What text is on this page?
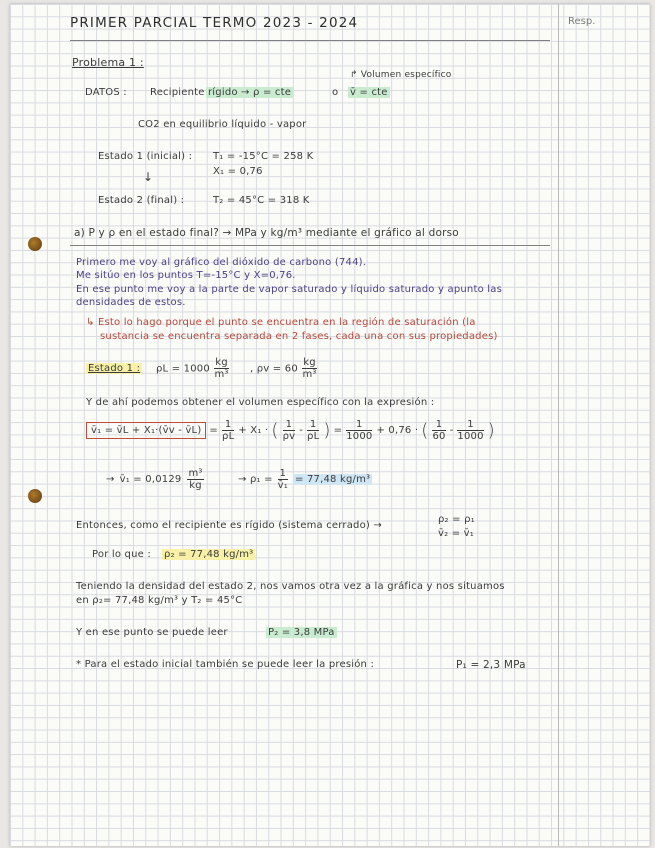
Resp.
PRIMER PARCIAL TERMO 2023 - 2024
Problema 1 :
↱ Volumen específico
DATOS : Recipiente rígido → ρ = cte	o v̄ = cte
CO2 en equilibrio líquido - vapor
Estado 1 (inicial) : T₁ = -15°C = 258 K
X₁ = 0,76
↓
Estado 2 (final) :	T₂ = 45°C = 318 K
a) P y ρ en el estado final? → MPa y kg/m³ mediante el gráfico al dorso
Primero me voy al gráfico del dióxido de carbono (744).
Me sitúo en los puntos T=-15°C y X=0,76.
En ese punto me voy a la parte de vapor saturado y líquido saturado y apunto las
densidades de estos.
↳ Esto lo hago porque el punto se encuentra en la región de saturación (la
sustancia se encuentra separada en 2 fases, cada una con sus propiedades)
Estado 1 : $\rho L = 1000 \frac{kg}{\text{m³}}$ , $\rho v = 60 \frac{kg}{\text{m³}}$
Y de ahí podemos obtener el volumen específico con la expresión :
v̄₁ = v̄L + X₁·(v̄v - v̄L) = $\frac{1}{\rho L} + X_1$ · ( $\frac{1}{\rho v} - \frac{1}{\rho L}$ ) = $\frac{1}{1000} + 0,76$ · ( $\frac{1}{60} - \frac{1}{1000}$ )
→ v̄₁ = $0,0129 \frac{\text{m³}}{kg}$	→ $\rho_1 = \frac{1}{\text{v̄₁}} = 77,48$ kg/m³
Entonces, como el recipiente es rígido (sistema cerrado) →
ρ₂ = ρ₁
v̄₂ = v̄₁
Por lo que : ρ₂ = 77,48 kg/m³
Teniendo la densidad del estado 2, nos vamos otra vez a la gráfica y nos situamos
en ρ₂= 77,48 kg/m³ y T₂ = 45°C
Y en ese punto se puede leer	P₂ = 3,8 MPa
* Para el estado inicial también se puede leer la presión :	P₁ = 2,3 MPa
